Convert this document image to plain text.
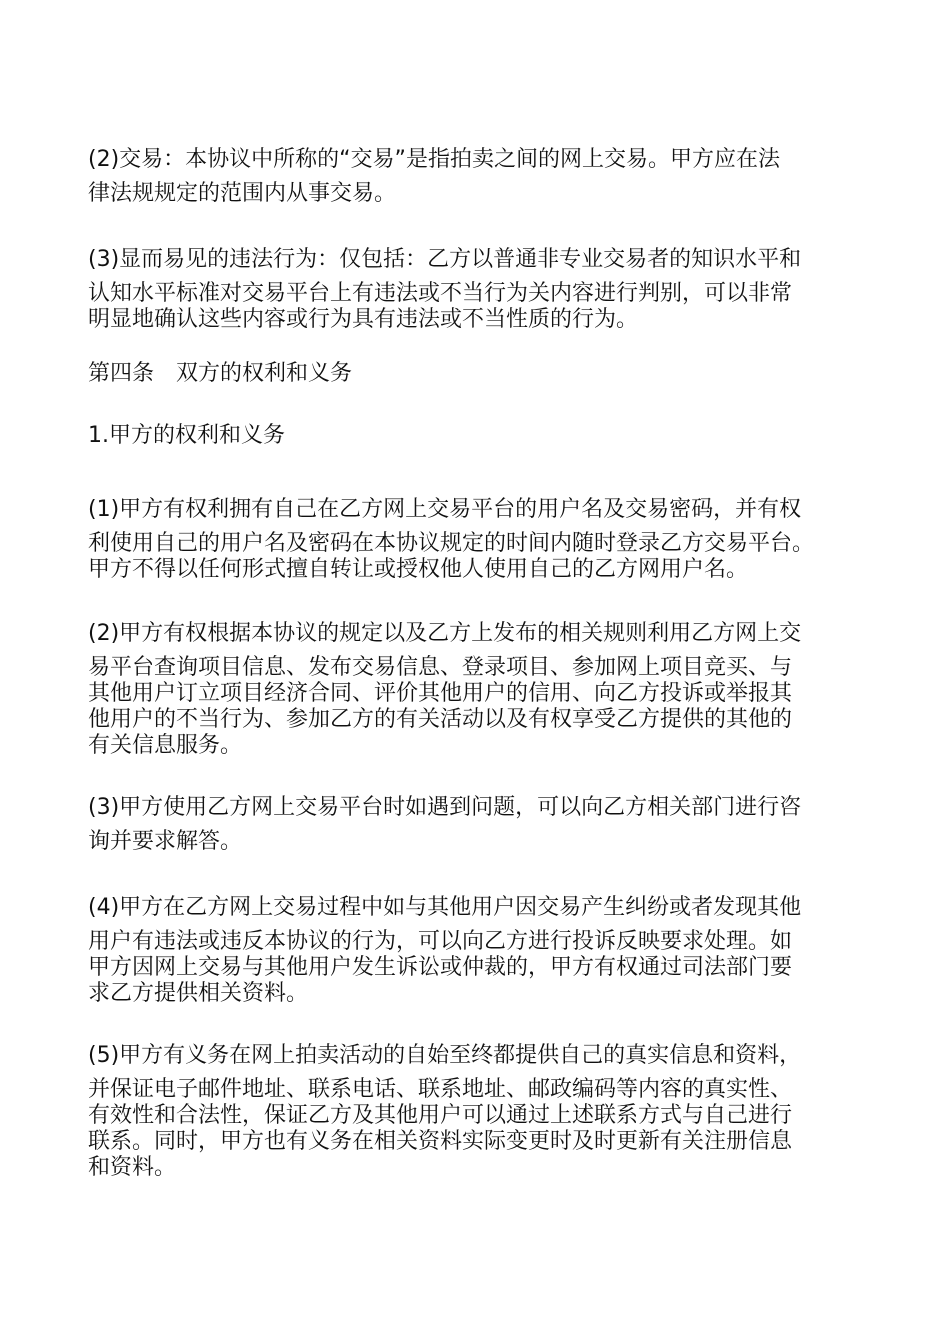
(2)交易：本协议中所称的“交易”是指拍卖之间的网上交易。甲方应在法
律法规规定的范围内从事交易。

(3)显而易见的违法行为：仅包括：乙方以普通非专业交易者的知识水平和
认知水平标准对交易平台上有违法或不当行为关内容进行判别，可以非常
明显地确认这些内容或行为具有违法或不当性质的行为。

第四条　双方的权利和义务

1.甲方的权利和义务

(1)甲方有权利拥有自己在乙方网上交易平台的用户名及交易密码，并有权
利使用自己的用户名及密码在本协议规定的时间内随时登录乙方交易平台。
甲方不得以任何形式擅自转让或授权他人使用自己的乙方网用户名。

(2)甲方有权根据本协议的规定以及乙方上发布的相关规则利用乙方网上交
易平台查询项目信息、发布交易信息、登录项目、参加网上项目竞买、与
其他用户订立项目经济合同、评价其他用户的信用、向乙方投诉或举报其
他用户的不当行为、参加乙方的有关活动以及有权享受乙方提供的其他的
有关信息服务。

(3)甲方使用乙方网上交易平台时如遇到问题，可以向乙方相关部门进行咨
询并要求解答。

(4)甲方在乙方网上交易过程中如与其他用户因交易产生纠纷或者发现其他
用户有违法或违反本协议的行为，可以向乙方进行投诉反映要求处理。如
甲方因网上交易与其他用户发生诉讼或仲裁的，甲方有权通过司法部门要
求乙方提供相关资料。

(5)甲方有义务在网上拍卖活动的自始至终都提供自己的真实信息和资料，
并保证电子邮件地址、联系电话、联系地址、邮政编码等内容的真实性、
有效性和合法性，保证乙方及其他用户可以通过上述联系方式与自己进行
联系。同时，甲方也有义务在相关资料实际变更时及时更新有关注册信息
和资料。
